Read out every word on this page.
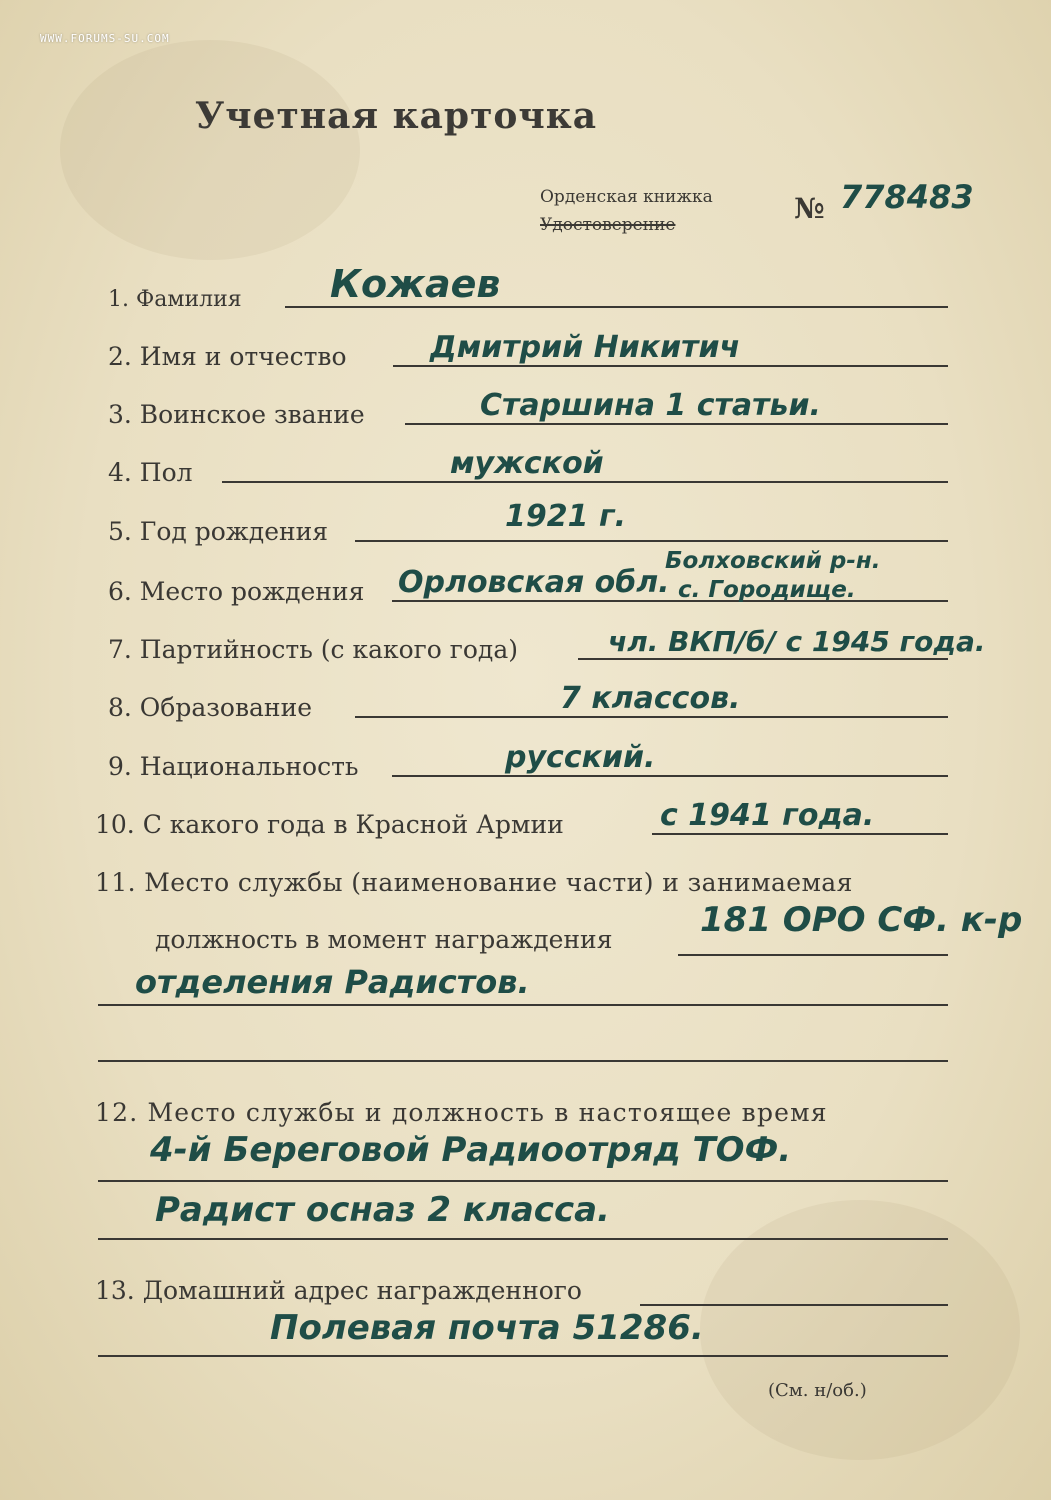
WWW.FORUMS-SU.COM
Учетная карточка
Орденская книжка
Удостоверение	№ 778483
1. Фамилия Кожаев
2. Имя и отчество	Дмитрий Никитич
3. Воинское звание	Старшина 1 статьи.
4. Пол	мужской
5. Год рождения	1921 г.
6. Место рождения Орловская обл.
Болховский р-н.
с. Городище.
7. Партийность (с какого года)	чл. ВКП/б/ с 1945 года.
8. Образование	7 классов.
9. Национальность	русский.
10. С какого года в Красной Армии	с 1941 года.
11. Место службы (наименование части) и занимаемая
должность в момент награждения	181 ОРО СФ. к-р
отделения Радистов.
12. Место службы и должность в настоящее время
4-й Береговой Радиоотряд ТОФ.
Радист осназ 2 класса.
13. Домашний адрес награжденного
Полевая почта 51286.
(См. н/об.)
